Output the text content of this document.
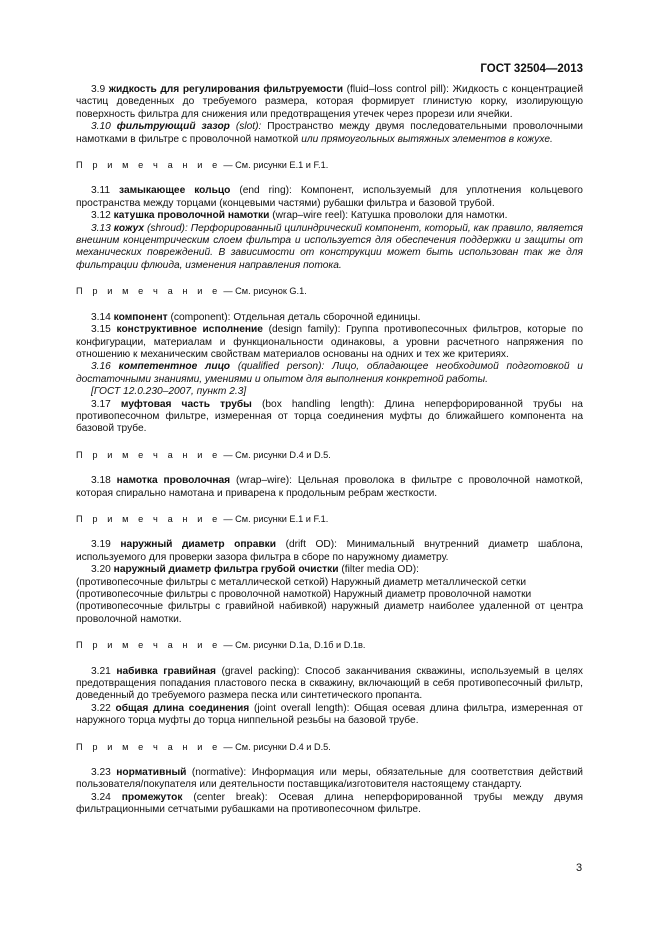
ГОСТ 32504—2013

3.9 жидкость для регулирования фильтруемости (fluid–loss control pill): Жидкость с концентрацией частиц доведенных до требуемого размера, которая формирует глинистую корку, изолирующую поверхность фильтра для снижения или предотвращения утечек через прорези или ячейки.

3.10 фильтрующий зазор (slot): Пространство между двумя последовательными проволочными намотками в фильтре с проволочной намоткой или прямоугольных вытяжных элементов в кожухе.

П р и м е ч а н и е — См. рисунки Е.1 и F.1.

3.11 замыкающее кольцо (end ring): Компонент, используемый для уплотнения кольцевого пространства между торцами (концевыми частями) рубашки фильтра и базовой трубой.

3.12 катушка проволочной намотки (wrap–wire reel): Катушка проволоки для намотки.

3.13 кожух (shroud): Перфорированный цилиндрический компонент, который, как правило, является внешним концентрическим слоем фильтра и используется для обеспечения поддержки и защиты от механических повреждений. В зависимости от конструкции может быть использован так же для фильтрации флюида, изменения направления потока.

П р и м е ч а н и е — См. рисунок G.1.

3.14 компонент (component): Отдельная деталь сборочной единицы.

3.15 конструктивное исполнение (design family): Группа противопесочных фильтров, которые по конфигурации, материалам и функциональности одинаковы, а уровни расчетного напряжения по отношению к механическим свойствам материалов основаны на одних и тех же критериях.

3.16 компетентное лицо (qualified person): Лицо, обладающее необходимой подготовкой и достаточными знаниями, умениями и опытом для выполнения конкретной работы.

[ГОСТ 12.0.230–2007, пункт 2.3]

3.17 муфтовая часть трубы (box handling length): Длина неперфорированной трубы на противопесочном фильтре, измеренная от торца соединения муфты до ближайшего компонента на базовой трубе.

П р и м е ч а н и е — См. рисунки D.4 и D.5.

3.18 намотка проволочная (wrap–wire): Цельная проволока в фильтре с проволочной намоткой, которая спирально намотана и приварена к продольным ребрам жесткости.

П р и м е ч а н и е — См. рисунки Е.1 и F.1.

3.19 наружный диаметр оправки (drift OD): Минимальный внутренний диаметр шаблона, используемого для проверки зазора фильтра в сборе по наружному диаметру.

3.20 наружный диаметр фильтра грубой очистки (filter media OD):

(противопесочные фильтры с металлической сеткой) Наружный диаметр металлической сетки

(противопесочные фильтры с проволочной намоткой) Наружный диаметр проволочной намотки

(противопесочные фильтры с гравийной набивкой) наружный диаметр наиболее удаленной от центра проволочной намотки.

П р и м е ч а н и е — См. рисунки D.1а, D.1б и D.1в.

3.21 набивка гравийная (gravel packing): Способ заканчивания скважины, используемый в целях предотвращения попадания пластового песка в скважину, включающий в себя противопесочный фильтр, доведенный до требуемого размера песка или синтетического пропанта.

3.22 общая длина соединения (joint overall length): Общая осевая длина фильтра, измеренная от наружного торца муфты до торца ниппельной резьбы на базовой трубе.

П р и м е ч а н и е — См. рисунки D.4 и D.5.

3.23 нормативный (normative): Информация или меры, обязательные для соответствия действий пользователя/покупателя или деятельности поставщика/изготовителя настоящему стандарту.

3.24 промежуток (center break): Осевая длина неперфорированной трубы между двумя фильтрационными сетчатыми рубашками на противопесочном фильтре.

3
